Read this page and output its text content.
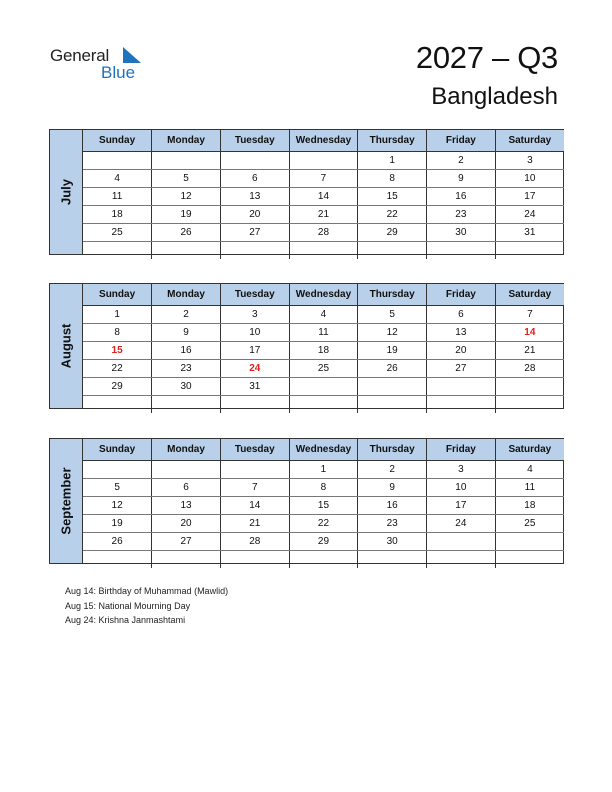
General
Blue	2027 – Q3
Bangladesh
July
Sunday	Monday	Tuesday	Wednesday	Thursday	Friday	Saturday
				1	2	3
4	5	6	7	8	9	10
11	12	13	14	15	16	17
18	19	20	21	22	23	24
25	26	27	28	29	30	31

August
Sunday	Monday	Tuesday	Wednesday	Thursday	Friday	Saturday
1	2	3	4	5	6	7
8	9	10	11	12	13	14
15	16	17	18	19	20	21
22	23	24	25	26	27	28
29	30	31				

September
Sunday	Monday	Tuesday	Wednesday	Thursday	Friday	Saturday
			1	2	3	4
5	6	7	8	9	10	11
12	13	14	15	16	17	18
19	20	21	22	23	24	25
26	27	28	29	30		

Aug 14: Birthday of Muhammad (Mawlid)
Aug 15: National Mourning Day
Aug 24: Krishna Janmashtami
